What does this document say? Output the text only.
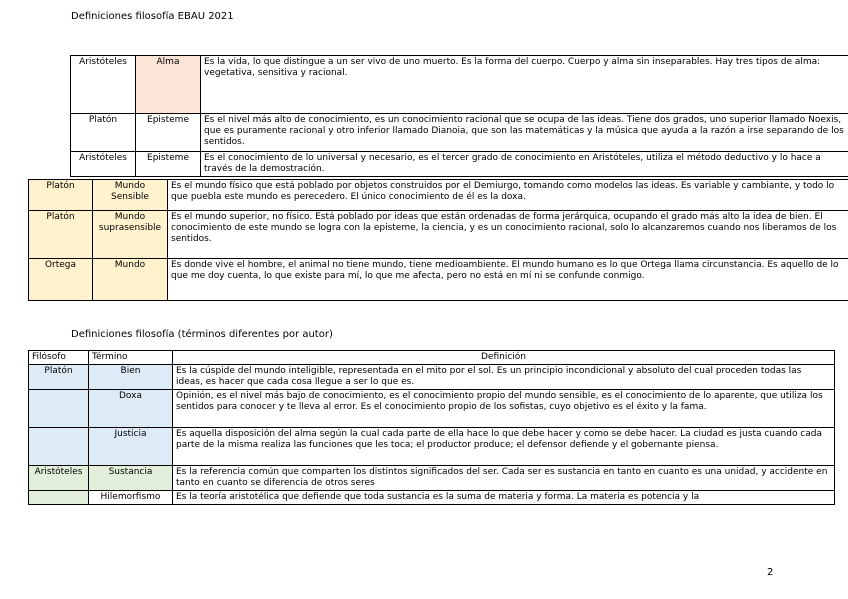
Definiciones filosofía EBAU 2021
Aristóteles	Alma	Es la vida, lo que distingue a un ser vivo de uno muerto. Es la forma del cuerpo. Cuerpo y alma sin inseparables. Hay tres tipos de alma: vegetativa, sensitiva y racional.
Platón	Episteme	Es el nivel más alto de conocimiento, es un conocimiento racional que se ocupa de las ideas. Tiene dos grados, uno superior llamado Noexis, que es puramente racional y otro inferior llamado Dianoia, que son las matemáticas y la música que ayuda a la razón a irse separando de los sentidos.
Aristóteles	Episteme	Es el conocimiento de lo universal y necesario, es el tercer grado de conocimiento en Aristóteles, utiliza el método deductivo y lo hace a través de la demostración.
Platón	Mundo Sensible	Es el mundo físico que está poblado por objetos construidos por el Demiurgo, tomando como modelos las ideas. Es variable y cambiante, y todo lo que puebla este mundo es perecedero. El único conocimiento de él es la doxa.
Platón	Mundo suprasensible	Es el mundo superior, no físico. Está poblado por ideas que están ordenadas de forma jerárquica, ocupando el grado más alto la idea de bien. El conocimiento de este mundo se logra con la episteme, la ciencia, y es un conocimiento racional, solo lo alcanzaremos cuando nos liberamos de los sentidos.
Ortega	Mundo	Es donde vive el hombre, el animal no tiene mundo, tiene medioambiente. El mundo humano es lo que Ortega llama circunstancia. Es aquello de lo que me doy cuenta, lo que existe para mí, lo que me afecta, pero no está en mí ni se confunde conmigo.
Definiciones filosofía (términos diferentes por autor)
Filósofo	Término	Definición
Platón	Bien	Es la cúspide del mundo inteligible, representada en el mito por el sol. Es un principio incondicional y absoluto del cual proceden todas las ideas, es hacer que cada cosa llegue a ser lo que es.
	Doxa	Opinión, es el nivel más bajo de conocimiento, es el conocimiento propio del mundo sensible, es el conocimiento de lo aparente, que utiliza los sentidos para conocer y te lleva al error. Es el conocimiento propio de los sofistas, cuyo objetivo es el éxito y la fama.
	Justicia	Es aquella disposición del alma según la cual cada parte de ella hace lo que debe hacer y como se debe hacer. La ciudad es justa cuando cada parte de la misma realiza las funciones que les toca; el productor produce; el defensor defiende y el gobernante piensa.
Aristóteles	Sustancia	Es la referencia común que comparten los distintos significados del ser. Cada ser es sustancia en tanto en cuanto es una unidad, y accidente en tanto en cuanto se diferencia de otros seres
	Hilemorfismo	Es la teoría aristotélica que defiende que toda sustancia es la suma de materia y forma. La materia es potencia y la
2
